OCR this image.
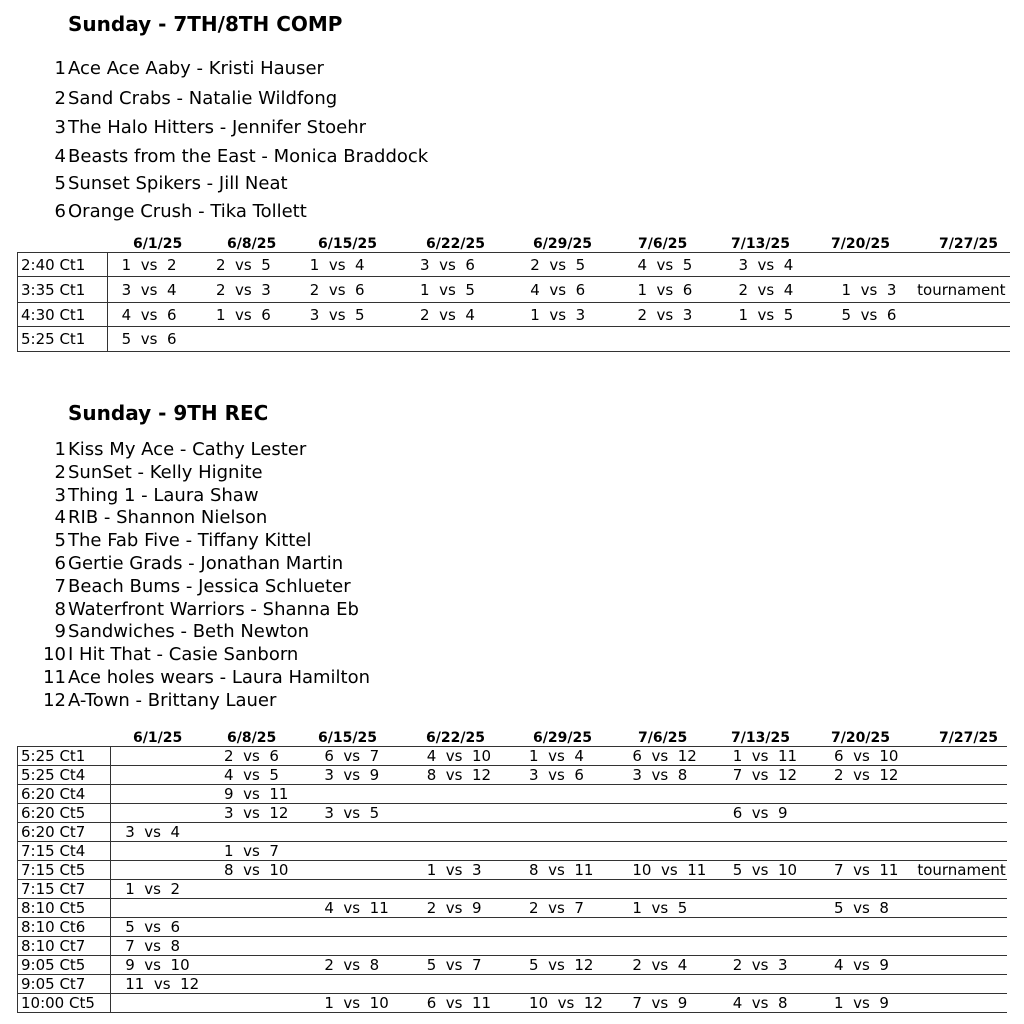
Sunday - 7TH/8TH COMP
1 Ace Ace Aaby - Kristi Hauser
2 Sand Crabs - Natalie Wildfong
3 The Halo Hitters - Jennifer Stoehr
4 Beasts from the East - Monica Braddock
5 Sunset Spikers - Jill Neat
6 Orange Crush - Tika Tollett
6/1/25	6/8/25	6/15/25	6/22/25	6/29/25	7/6/25	7/13/25	7/20/25	7/27/25
2:40 Ct1	1  vs  2	2  vs  5	1  vs  4	3  vs  6	2  vs  5	4  vs  5	3  vs  4		
3:35 Ct1	3  vs  4	2  vs  3	2  vs  6	1  vs  5	4  vs  6	1  vs  6	2  vs  4	1  vs  3	tournament
4:30 Ct1	4  vs  6	1  vs  6	3  vs  5	2  vs  4	1  vs  3	2  vs  3	1  vs  5	5  vs  6	
5:25 Ct1	5  vs  6								
Sunday - 9TH REC
1 Kiss My Ace - Cathy Lester
2 SunSet - Kelly Hignite
3 Thing 1 - Laura Shaw
4 RIB - Shannon Nielson
5 The Fab Five - Tiffany Kittel
6 Gertie Grads - Jonathan Martin
7 Beach Bums - Jessica Schlueter
8 Waterfront Warriors - Shanna Eb
9 Sandwiches - Beth Newton
10 I Hit That - Casie Sanborn
11 Ace holes wears - Laura Hamilton
12 A-Town - Brittany Lauer
6/1/25	6/8/25	6/15/25	6/22/25	6/29/25	7/6/25	7/13/25	7/20/25	7/27/25
5:25 Ct1		2  vs  6	6  vs  7	4  vs  10	1  vs  4	6  vs  12	1  vs  11	6  vs  10	
5:25 Ct4		4  vs  5	3  vs  9	8  vs  12	3  vs  6	3  vs  8	7  vs  12	2  vs  12	
6:20 Ct4		9  vs  11							
6:20 Ct5		3  vs  12	3  vs  5				6  vs  9		
6:20 Ct7	3  vs  4								
7:15 Ct4		1  vs  7							
7:15 Ct5		8  vs  10		1  vs  3	8  vs  11	10  vs  11	5  vs  10	7  vs  11	tournament
7:15 Ct7	1  vs  2								
8:10 Ct5			4  vs  11	2  vs  9	2  vs  7	1  vs  5		5  vs  8	
8:10 Ct6	5  vs  6								
8:10 Ct7	7  vs  8								
9:05 Ct5	9  vs  10		2  vs  8	5  vs  7	5  vs  12	2  vs  4	2  vs  3	4  vs  9	
9:05 Ct7	11  vs  12								
10:00 Ct5			1  vs  10	6  vs  11	10  vs  12	7  vs  9	4  vs  8	1  vs  9	
